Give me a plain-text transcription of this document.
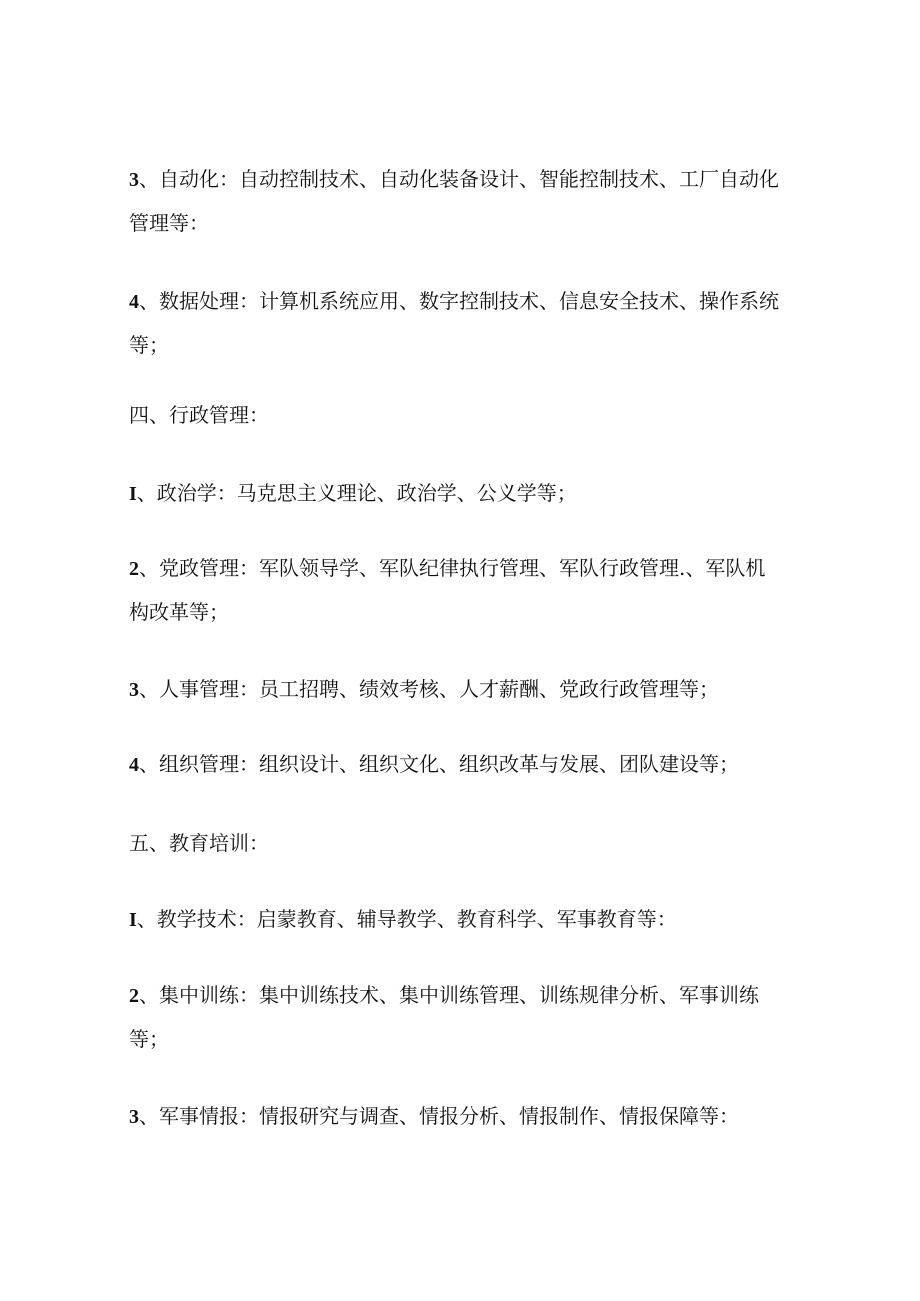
3、自动化：自动控制技术、自动化装备设计、智能控制技术、工厂自动化
管理等：

4、数据处理：计算机系统应用、数字控制技术、信息安全技术、操作系统
等；

四、行政管理：

I、政治学：马克思主义理论、政治学、公义学等；

2、党政管理：军队领导学、军队纪律执行管理、军队行政管理.、军队机
构改革等；

3、人事管理：员工招聘、绩效考核、人才薪酬、党政行政管理等；

4、组织管理：组织设计、组织文化、组织改革与发展、团队建设等；

五、教育培训：

I、教学技术：启蒙教育、辅导教学、教育科学、军事教育等：

2、集中训练：集中训练技术、集中训练管理、训练规律分析、军事训练
等；

3、军事情报：情报研究与调查、情报分析、情报制作、情报保障等：
